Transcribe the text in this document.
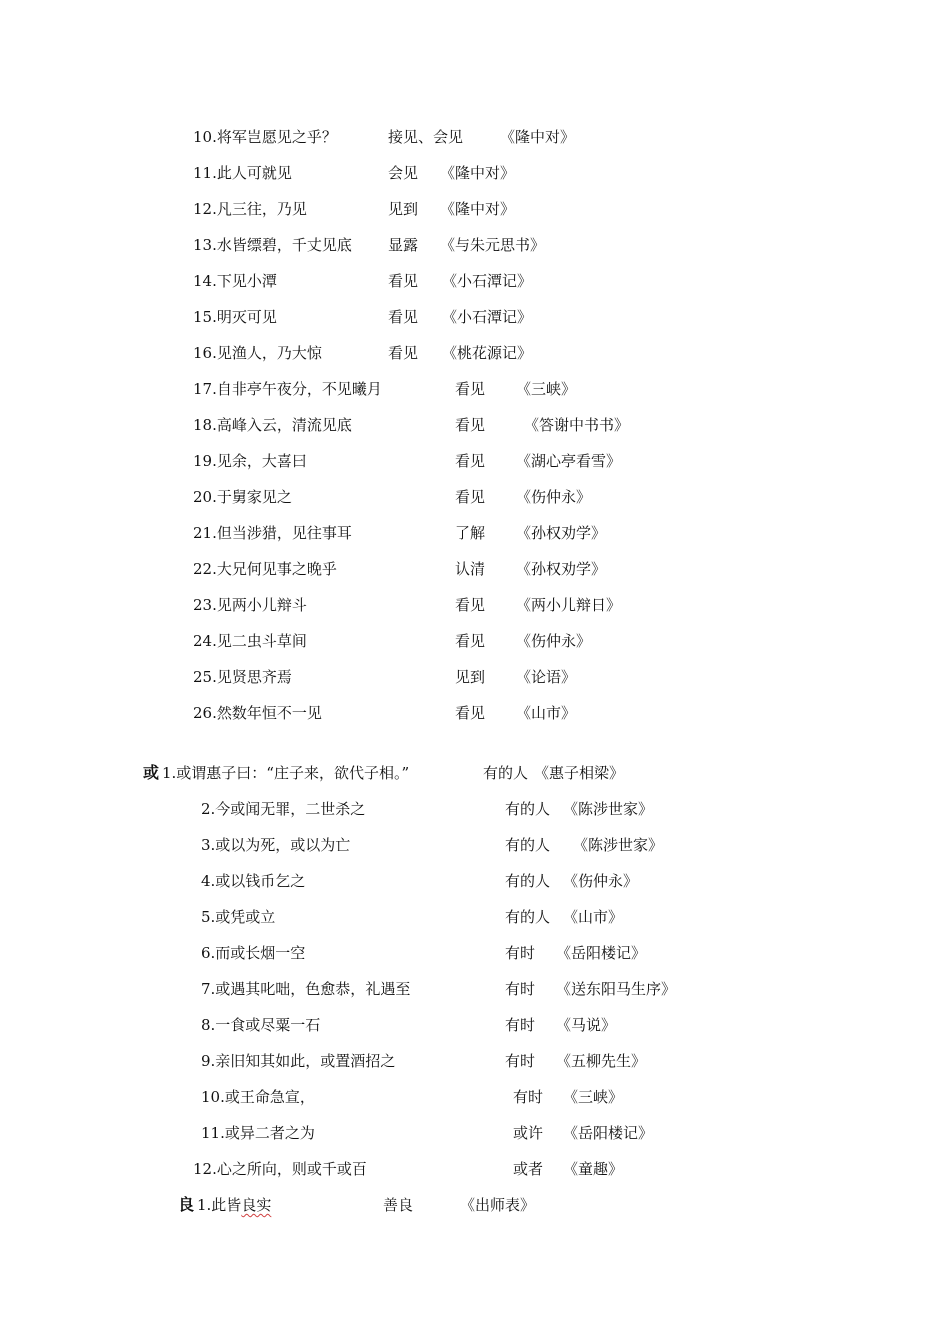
10.将军岂愿见之乎？	接见、会见 《隆中对》
11.此人可就见	会见 《隆中对》
12.凡三往，乃见	见到 《隆中对》
13.水皆缥碧，千丈见底 显露 《与朱元思书》
14.下见小潭	看见 《小石潭记》
15.明灭可见	看见 《小石潭记》
16.见渔人，乃大惊	看见 《桃花源记》
17.自非亭午夜分，不见曦月	看见 《三峡》
18.高峰入云，清流见底	看见	《答谢中书书》
19.见余，大喜曰	看见 《湖心亭看雪》
20.于舅家见之	看见 《伤仲永》
21.但当涉猎，见往事耳	了解 《孙权劝学》
22.大兄何见事之晚乎	认清 《孙权劝学》
23.见两小儿辩斗	看见 《两小儿辩日》
24.见二虫斗草间	看见 《伤仲永》
25.见贤思齐焉	见到 《论语》
26.然数年恒不一见	看见 《山市》
或 1.或谓惠子曰：“庄子来，欲代子相。”	有的人 《惠子相梁》
2.今或闻无罪，二世杀之	有的人 《陈涉世家》
3.或以为死，或以为亡	有的人 《陈涉世家》
4.或以钱币乞之	有的人 《伤仲永》
5.或凭或立	有的人 《山市》
6.而或长烟一空	有时 《岳阳楼记》
7.或遇其叱咄，色愈恭，礼遇至	有时 《送东阳马生序》
8.一食或尽粟一石	有时 《马说》
9.亲旧知其如此，或置酒招之	有时 《五柳先生》
10.或王命急宣，	有时 《三峡》
11.或异二者之为	或许 《岳阳楼记》
12.心之所向，则或千或百	或者 《童趣》
良 1.此皆良实	善良	《出师表》
